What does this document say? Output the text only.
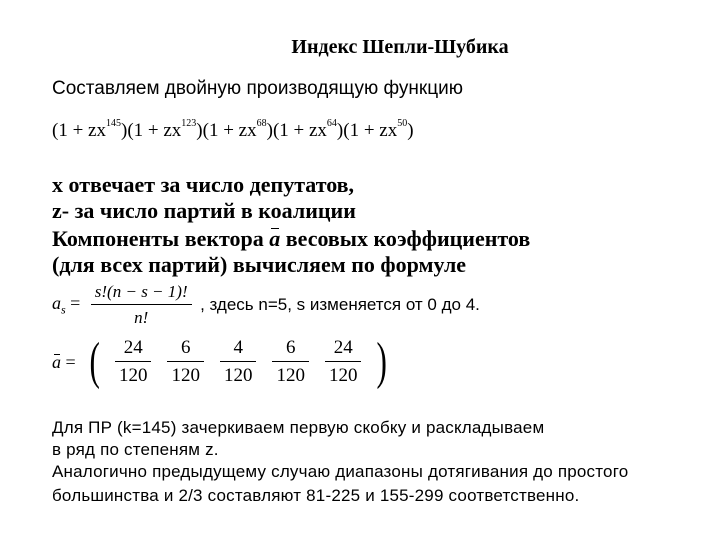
Индекс Шепли-Шубика
Составляем двойную производящую функцию
$(1 + zx^{145})(1 + zx^{123})(1 + zx^{68})(1 + zx^{64})(1 + zx^{50})$
x отвечает за число депутатов,
z- за число партий в коалиции
Компоненты вектора a весовых коэффициентов
(для всех партий) вычисляем по формуле
$a_s = \frac{s!(n - s - 1)!}{n!}$ , здесь n=5, s изменяется от 0 до 4.
a = ( $\frac{24}{120} \frac{6}{120} \frac{4}{120} \frac{6}{120} \frac{24}{120}$ )
Для ПР (k=145) зачеркиваем первую скобку и раскладываем
в ряд по степеням z.
Аналогично предыдущему случаю диапазоны дотягивания до простого
большинства и 2/3 составляют 81-225 и 155-299 соответственно.
